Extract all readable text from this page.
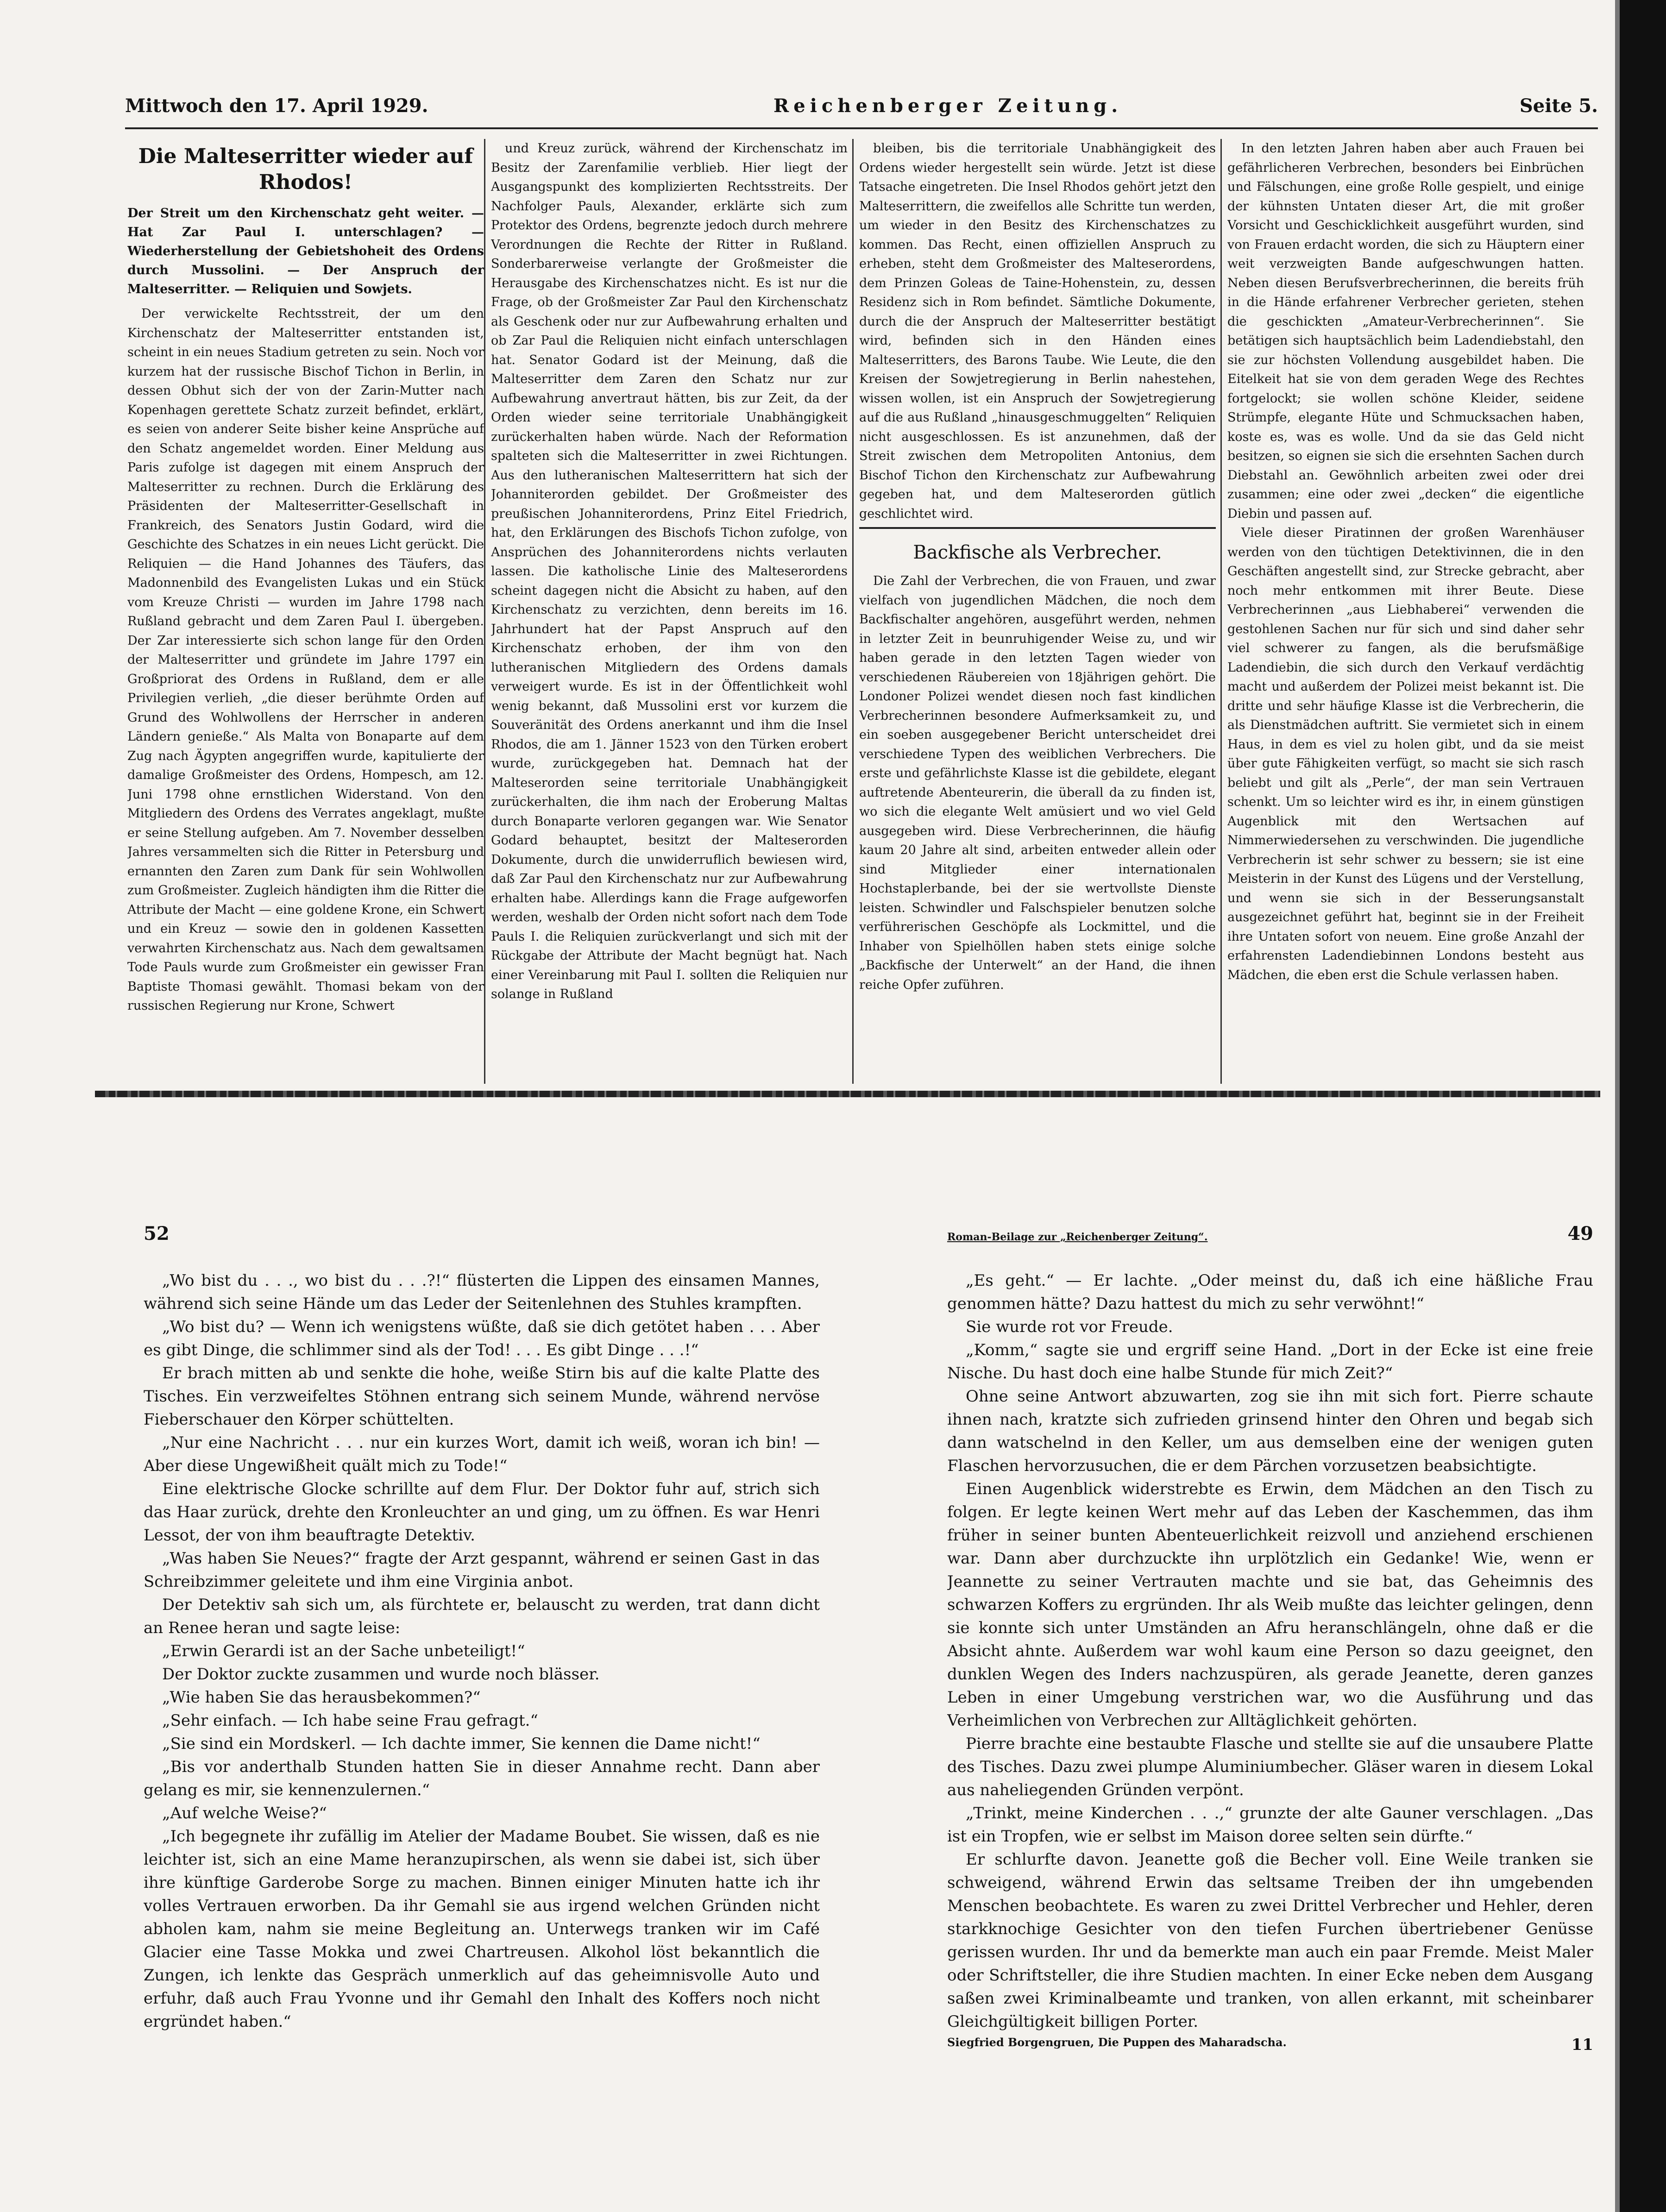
Mittwoch den 17. April 1929.	Reichenberger Zeitung.	Seite 5.
Die Malteserritter wieder auf Rhodos!

Der Streit um den Kirchenschatz geht weiter. — Hat Zar Paul I. unterschlagen? — Wiederherstellung der Gebietshoheit des Ordens durch Mussolini. — Der Anspruch der Malteserritter. — Reliquien und Sowjets.

Der verwickelte Rechtsstreit, der um den Kirchenschatz der Malteserritter entstanden ist, scheint in ein neues Stadium getreten zu sein. Noch vor kurzem hat der russische Bischof Tichon in Berlin, in dessen Obhut sich der von der Zarin-Mutter nach Kopenhagen gerettete Schatz zurzeit befindet, erklärt, es seien von anderer Seite bisher keine Ansprüche auf den Schatz angemeldet worden. Einer Meldung aus Paris zufolge ist dagegen mit einem Anspruch der Malteserritter zu rechnen. Durch die Erklärung des Präsidenten der Malteserritter-Gesellschaft in Frankreich, des Senators Justin Godard, wird die Geschichte des Schatzes in ein neues Licht gerückt. Die Reliquien — die Hand Johannes des Täufers, das Madonnenbild des Evangelisten Lukas und ein Stück vom Kreuze Christi — wurden im Jahre 1798 nach Rußland gebracht und dem Zaren Paul I. übergeben. Der Zar interessierte sich schon lange für den Orden der Malteserritter und gründete im Jahre 1797 ein Großpriorat des Ordens in Rußland, dem er alle Privilegien verlieh, „die dieser berühmte Orden auf Grund des Wohlwollens der Herrscher in anderen Ländern genieße.“ Als Malta von Bonaparte auf dem Zug nach Ägypten angegriffen wurde, kapitulierte der damalige Großmeister des Ordens, Hompesch, am 12. Juni 1798 ohne ernstlichen Widerstand. Von den Mitgliedern des Ordens des Verrates angeklagt, mußte er seine Stellung aufgeben. Am 7. November desselben Jahres versammelten sich die Ritter in Petersburg und ernannten den Zaren zum Dank für sein Wohlwollen zum Großmeister. Zugleich händigten ihm die Ritter die Attribute der Macht — eine goldene Krone, ein Schwert und ein Kreuz — sowie den in goldenen Kassetten verwahrten Kirchenschatz aus. Nach dem gewaltsamen Tode Pauls wurde zum Großmeister ein gewisser Fran Baptiste Thomasi gewählt. Thomasi bekam von der russischen Regierung nur Krone, Schwert

und Kreuz zurück, während der Kirchenschatz im Besitz der Zarenfamilie verblieb. Hier liegt der Ausgangspunkt des komplizierten Rechtsstreits. Der Nachfolger Pauls, Alexander, erklärte sich zum Protektor des Ordens, begrenzte jedoch durch mehrere Verordnungen die Rechte der Ritter in Rußland. Sonderbarerweise verlangte der Großmeister die Herausgabe des Kirchenschatzes nicht. Es ist nur die Frage, ob der Großmeister Zar Paul den Kirchenschatz als Geschenk oder nur zur Aufbewahrung erhalten und ob Zar Paul die Reliquien nicht einfach unterschlagen hat. Senator Godard ist der Meinung, daß die Malteserritter dem Zaren den Schatz nur zur Aufbewahrung anvertraut hätten, bis zur Zeit, da der Orden wieder seine territoriale Unabhängigkeit zurückerhalten haben würde. Nach der Reformation spalteten sich die Malteserritter in zwei Richtungen. Aus den lutheranischen Malteserrittern hat sich der Johanniterorden gebildet. Der Großmeister des preußischen Johanniterordens, Prinz Eitel Friedrich, hat, den Erklärungen des Bischofs Tichon zufolge, von Ansprüchen des Johanniterordens nichts verlauten lassen. Die katholische Linie des Malteserordens scheint dagegen nicht die Absicht zu haben, auf den Kirchenschatz zu verzichten, denn bereits im 16. Jahrhundert hat der Papst Anspruch auf den Kirchenschatz erhoben, der ihm von den lutheranischen Mitgliedern des Ordens damals verweigert wurde. Es ist in der Öffentlichkeit wohl wenig bekannt, daß Mussolini erst vor kurzem die Souveränität des Ordens anerkannt und ihm die Insel Rhodos, die am 1. Jänner 1523 von den Türken erobert wurde, zurückgegeben hat. Demnach hat der Malteserorden seine territoriale Unabhängigkeit zurückerhalten, die ihm nach der Eroberung Maltas durch Bonaparte verloren gegangen war. Wie Senator Godard behauptet, besitzt der Malteserorden Dokumente, durch die unwiderruflich bewiesen wird, daß Zar Paul den Kirchenschatz nur zur Aufbewahrung erhalten habe. Allerdings kann die Frage aufgeworfen werden, weshalb der Orden nicht sofort nach dem Tode Pauls I. die Reliquien zurückverlangt und sich mit der Rückgabe der Attribute der Macht begnügt hat. Nach einer Vereinbarung mit Paul I. sollten die Reliquien nur solange in Rußland

bleiben, bis die territoriale Unabhängigkeit des Ordens wieder hergestellt sein würde. Jetzt ist diese Tatsache eingetreten. Die Insel Rhodos gehört jetzt den Malteserrittern, die zweifellos alle Schritte tun werden, um wieder in den Besitz des Kirchenschatzes zu kommen. Das Recht, einen offiziellen Anspruch zu erheben, steht dem Großmeister des Malteserordens, dem Prinzen Goleas de Taine-Hohenstein, zu, dessen Residenz sich in Rom befindet. Sämtliche Dokumente, durch die der Anspruch der Malteserritter bestätigt wird, befinden sich in den Händen eines Malteserritters, des Barons Taube. Wie Leute, die den Kreisen der Sowjetregierung in Berlin nahestehen, wissen wollen, ist ein Anspruch der Sowjetregierung auf die aus Rußland „hinausgeschmuggelten“ Reliquien nicht ausgeschlossen. Es ist anzunehmen, daß der Streit zwischen dem Metropoliten Antonius, dem Bischof Tichon den Kirchenschatz zur Aufbewahrung gegeben hat, und dem Malteserorden gütlich geschlichtet wird.

Backfische als Verbrecher.

Die Zahl der Verbrechen, die von Frauen, und zwar vielfach von jugendlichen Mädchen, die noch dem Backfischalter angehören, ausgeführt werden, nehmen in letzter Zeit in beunruhigender Weise zu, und wir haben gerade in den letzten Tagen wieder von verschiedenen Räubereien von 18jährigen gehört. Die Londoner Polizei wendet diesen noch fast kindlichen Verbrecherinnen besondere Aufmerksamkeit zu, und ein soeben ausgegebener Bericht unterscheidet drei verschiedene Typen des weiblichen Verbrechers. Die erste und gefährlichste Klasse ist die gebildete, elegant auftretende Abenteurerin, die überall da zu finden ist, wo sich die elegante Welt amüsiert und wo viel Geld ausgegeben wird. Diese Verbrecherinnen, die häufig kaum 20 Jahre alt sind, arbeiten entweder allein oder sind Mitglieder einer internationalen Hochstaplerbande, bei der sie wertvollste Dienste leisten. Schwindler und Falschspieler benutzen solche verführerischen Geschöpfe als Lockmittel, und die Inhaber von Spielhöllen haben stets einige solche „Backfische der Unterwelt“ an der Hand, die ihnen reiche Opfer zuführen.

In den letzten Jahren haben aber auch Frauen bei gefährlicheren Verbrechen, besonders bei Einbrüchen und Fälschungen, eine große Rolle gespielt, und einige der kühnsten Untaten dieser Art, die mit großer Vorsicht und Geschicklichkeit ausgeführt wurden, sind von Frauen erdacht worden, die sich zu Häuptern einer weit verzweigten Bande aufgeschwungen hatten. Neben diesen Berufsverbrecherinnen, die bereits früh in die Hände erfahrener Verbrecher gerieten, stehen die geschickten „Amateur-Verbrecherinnen“. Sie betätigen sich hauptsächlich beim Ladendiebstahl, den sie zur höchsten Vollendung ausgebildet haben. Die Eitelkeit hat sie von dem geraden Wege des Rechtes fortgelockt; sie wollen schöne Kleider, seidene Strümpfe, elegante Hüte und Schmucksachen haben, koste es, was es wolle. Und da sie das Geld nicht besitzen, so eignen sie sich die ersehnten Sachen durch Diebstahl an. Gewöhnlich arbeiten zwei oder drei zusammen; eine oder zwei „decken“ die eigentliche Diebin und passen auf.

Viele dieser Piratinnen der großen Warenhäuser werden von den tüchtigen Detektivinnen, die in den Geschäften angestellt sind, zur Strecke gebracht, aber noch mehr entkommen mit ihrer Beute. Diese Verbrecherinnen „aus Liebhaberei“ verwenden die gestohlenen Sachen nur für sich und sind daher sehr viel schwerer zu fangen, als die berufsmäßige Ladendiebin, die sich durch den Verkauf verdächtig macht und außerdem der Polizei meist bekannt ist. Die dritte und sehr häufige Klasse ist die Verbrecherin, die als Dienstmädchen auftritt. Sie vermietet sich in einem Haus, in dem es viel zu holen gibt, und da sie meist über gute Fähigkeiten verfügt, so macht sie sich rasch beliebt und gilt als „Perle“, der man sein Vertrauen schenkt. Um so leichter wird es ihr, in einem günstigen Augenblick mit den Wertsachen auf Nimmerwiedersehen zu verschwinden. Die jugendliche Verbrecherin ist sehr schwer zu bessern; sie ist eine Meisterin in der Kunst des Lügens und der Verstellung, und wenn sie sich in der Besserungsanstalt ausgezeichnet geführt hat, beginnt sie in der Freiheit ihre Untaten sofort von neuem. Eine große Anzahl der erfahrensten Ladendiebinnen Londons besteht aus Mädchen, die eben erst die Schule verlassen haben.

52

„Wo bist du . . ., wo bist du . . .?!“ flüsterten die Lippen des einsamen Mannes, während sich seine Hände um das Leder der Seitenlehnen des Stuhles krampften.

„Wo bist du? — Wenn ich wenigstens wüßte, daß sie dich getötet haben . . . Aber es gibt Dinge, die schlimmer sind als der Tod! . . . Es gibt Dinge . . .!“

Er brach mitten ab und senkte die hohe, weiße Stirn bis auf die kalte Platte des Tisches. Ein verzweifeltes Stöhnen entrang sich seinem Munde, während nervöse Fieberschauer den Körper schüttelten.

„Nur eine Nachricht . . . nur ein kurzes Wort, damit ich weiß, woran ich bin! — Aber diese Ungewißheit quält mich zu Tode!“

Eine elektrische Glocke schrillte auf dem Flur. Der Doktor fuhr auf, strich sich das Haar zurück, drehte den Kronleuchter an und ging, um zu öffnen. Es war Henri Lessot, der von ihm beauftragte Detektiv.

„Was haben Sie Neues?“ fragte der Arzt gespannt, während er seinen Gast in das Schreibzimmer geleitete und ihm eine Virginia anbot.

Der Detektiv sah sich um, als fürchtete er, belauscht zu werden, trat dann dicht an Renee heran und sagte leise:

„Erwin Gerardi ist an der Sache unbeteiligt!“

Der Doktor zuckte zusammen und wurde noch blässer.

„Wie haben Sie das herausbekommen?“

„Sehr einfach. — Ich habe seine Frau gefragt.“

„Sie sind ein Mordskerl. — Ich dachte immer, Sie kennen die Dame nicht!“

„Bis vor anderthalb Stunden hatten Sie in dieser Annahme recht. Dann aber gelang es mir, sie kennenzulernen.“

„Auf welche Weise?“

„Ich begegnete ihr zufällig im Atelier der Madame Boubet. Sie wissen, daß es nie leichter ist, sich an eine Mame heranzupirschen, als wenn sie dabei ist, sich über ihre künftige Garderobe Sorge zu machen. Binnen einiger Minuten hatte ich ihr volles Vertrauen erworben. Da ihr Gemahl sie aus irgend welchen Gründen nicht abholen kam, nahm sie meine Begleitung an. Unterwegs tranken wir im Café Glacier eine Tasse Mokka und zwei Chartreusen. Alkohol löst bekanntlich die Zungen, ich lenkte das Gespräch unmerklich auf das geheimnisvolle Auto und erfuhr, daß auch Frau Yvonne und ihr Gemahl den Inhalt des Koffers noch nicht ergründet haben.“

Roman-Beilage zur „Reichenberger Zeitung“.	49

„Es geht.“ — Er lachte. „Oder meinst du, daß ich eine häßliche Frau genommen hätte? Dazu hattest du mich zu sehr verwöhnt!“

Sie wurde rot vor Freude.

„Komm,“ sagte sie und ergriff seine Hand. „Dort in der Ecke ist eine freie Nische. Du hast doch eine halbe Stunde für mich Zeit?“

Ohne seine Antwort abzuwarten, zog sie ihn mit sich fort. Pierre schaute ihnen nach, kratzte sich zufrieden grinsend hinter den Ohren und begab sich dann watschelnd in den Keller, um aus demselben eine der wenigen guten Flaschen hervorzusuchen, die er dem Pärchen vorzusetzen beabsichtigte.

Einen Augenblick widerstrebte es Erwin, dem Mädchen an den Tisch zu folgen. Er legte keinen Wert mehr auf das Leben der Kaschemmen, das ihm früher in seiner bunten Abenteuerlichkeit reizvoll und anziehend erschienen war. Dann aber durchzuckte ihn urplötzlich ein Gedanke! Wie, wenn er Jeannette zu seiner Vertrauten machte und sie bat, das Geheimnis des schwarzen Koffers zu ergründen. Ihr als Weib mußte das leichter gelingen, denn sie konnte sich unter Umständen an Afru heranschlängeln, ohne daß er die Absicht ahnte. Außerdem war wohl kaum eine Person so dazu geeignet, den dunklen Wegen des Inders nachzuspüren, als gerade Jeanette, deren ganzes Leben in einer Umgebung verstrichen war, wo die Ausführung und das Verheimlichen von Verbrechen zur Alltäglichkeit gehörten.

Pierre brachte eine bestaubte Flasche und stellte sie auf die unsaubere Platte des Tisches. Dazu zwei plumpe Aluminiumbecher. Gläser waren in diesem Lokal aus naheliegenden Gründen verpönt.

„Trinkt, meine Kinderchen . . .,“ grunzte der alte Gauner verschlagen. „Das ist ein Tropfen, wie er selbst im Maison doree selten sein dürfte.“

Er schlurfte davon. Jeanette goß die Becher voll. Eine Weile tranken sie schweigend, während Erwin das seltsame Treiben der ihn umgebenden Menschen beobachtete. Es waren zu zwei Drittel Verbrecher und Hehler, deren starkknochige Gesichter von den tiefen Furchen übertriebener Genüsse gerissen wurden. Ihr und da bemerkte man auch ein paar Fremde. Meist Maler oder Schriftsteller, die ihre Studien machten. In einer Ecke neben dem Ausgang saßen zwei Kriminalbeamte und tranken, von allen erkannt, mit scheinbarer Gleichgültigkeit billigen Porter.

Siegfried Borgengruen, Die Puppen des Maharadscha.	11
